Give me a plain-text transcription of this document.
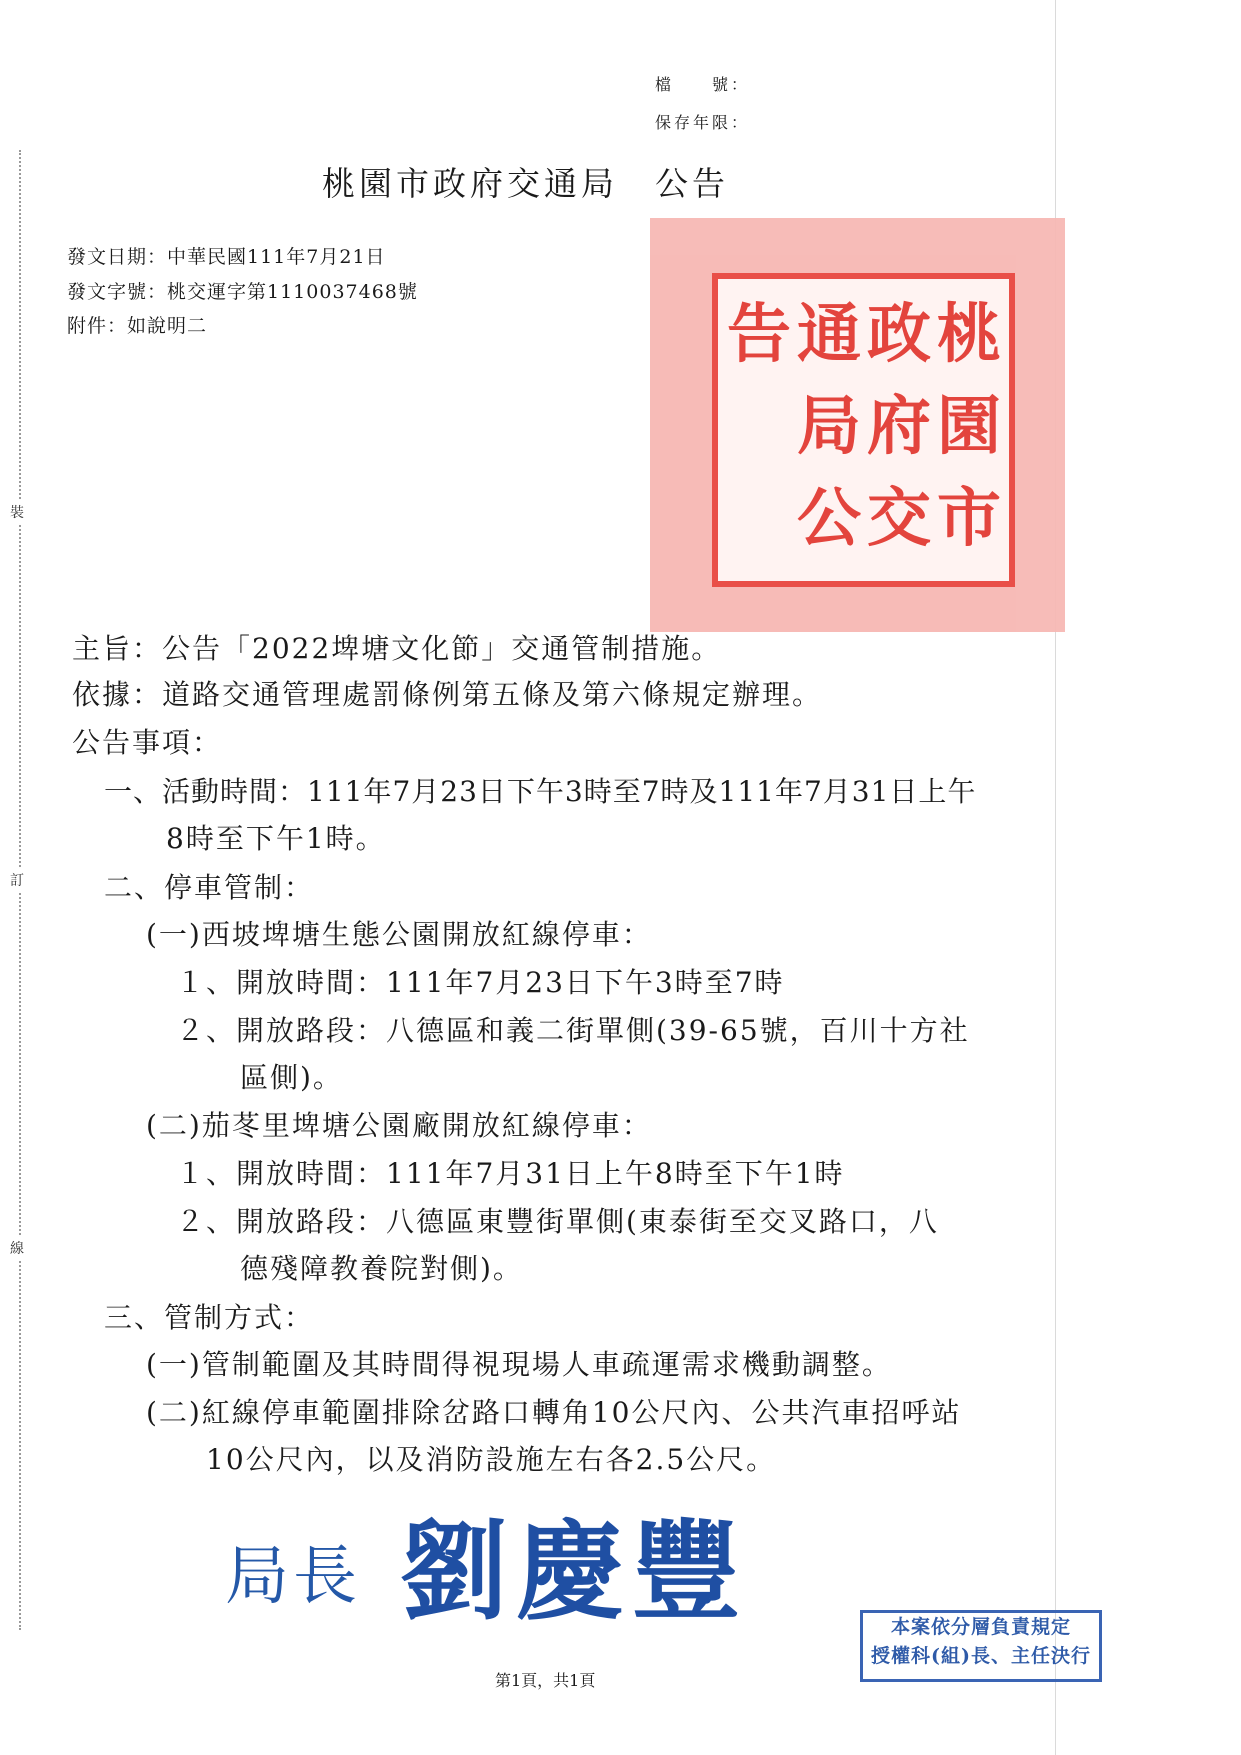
裝
訂
線
檔　　號：
保存年限：
桃園市政府交通局　公告
發文日期：中華民國111年7月21日
發文字號：桃交運字第1110037468號
附件：如說明二	桃
園
市
政
府
交
通
局
公
告
主旨：公告「2022埤塘文化節」交通管制措施。
依據：道路交通管理處罰條例第五條及第六條規定辦理。
公告事項：
一、活動時間：111年7月23日下午3時至7時及111年7月31日上午
8時至下午1時。
二、停車管制：
(一)西坡埤塘生態公園開放紅線停車：
１、開放時間：111年7月23日下午3時至7時
２、開放路段：八德區和義二街單側(39-65號，百川十方社
區側)。
(二)茄苳里埤塘公園廠開放紅線停車：
１、開放時間：111年7月31日上午8時至下午1時
２、開放路段：八德區東豐街單側(東泰街至交叉路口，八
德殘障教養院對側)。
三、管制方式：
(一)管制範圍及其時間得視現場人車疏運需求機動調整。
(二)紅線停車範圍排除岔路口轉角10公尺內、公共汽車招呼站
10公尺內，以及消防設施左右各2.5公尺。
局長 劉慶豐	本案依分層負責規定
授權科(組)長、主任決行
第1頁，共1頁
